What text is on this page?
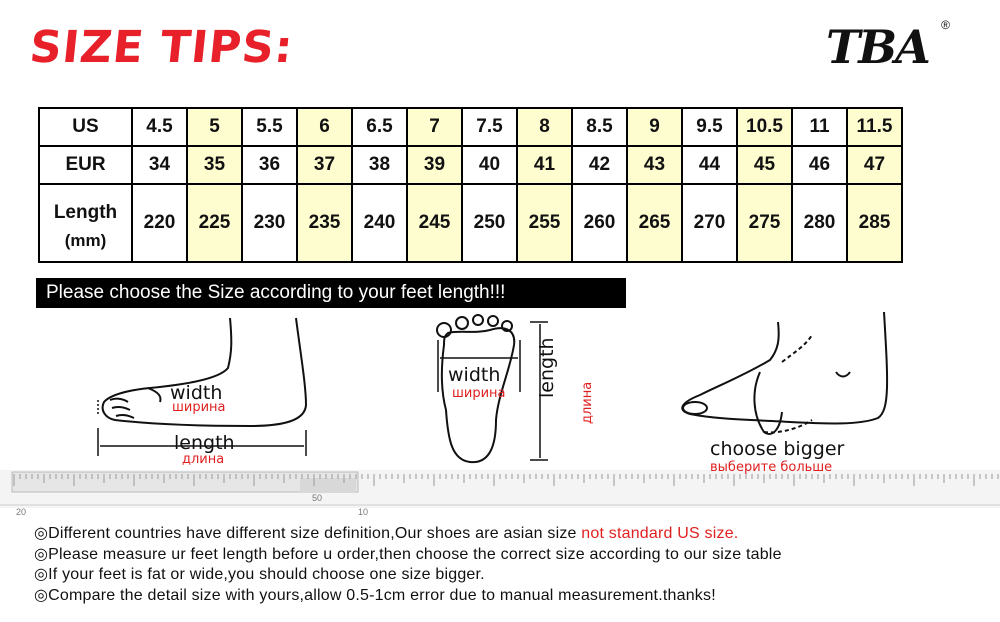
SIZE TIPS:	TBA ®
US	4.5	5	5.5	6	6.5	7	7.5	8	8.5	9	9.5	10.5	11	11.5
EUR	34	35	36	37	38	39	40	41	42	43	44	45	46	47
Length
(mm)	220	225	230	235	240	245	250	255	260	265	270	275	280	285
Please choose the Size according to your feet length!!!
20
50
10
width
ширина
length
длина
width
ширина length
длина
choose bigger
выберите больше
◎Different countries have different size definition,Our shoes are asian size not standard US size.
◎Please measure ur feet length before u order,then choose the correct size according to our size table
◎If your feet is fat or wide,you should choose one size bigger.
◎Compare the detail size with yours,allow 0.5-1cm error due to manual measurement.thanks!
